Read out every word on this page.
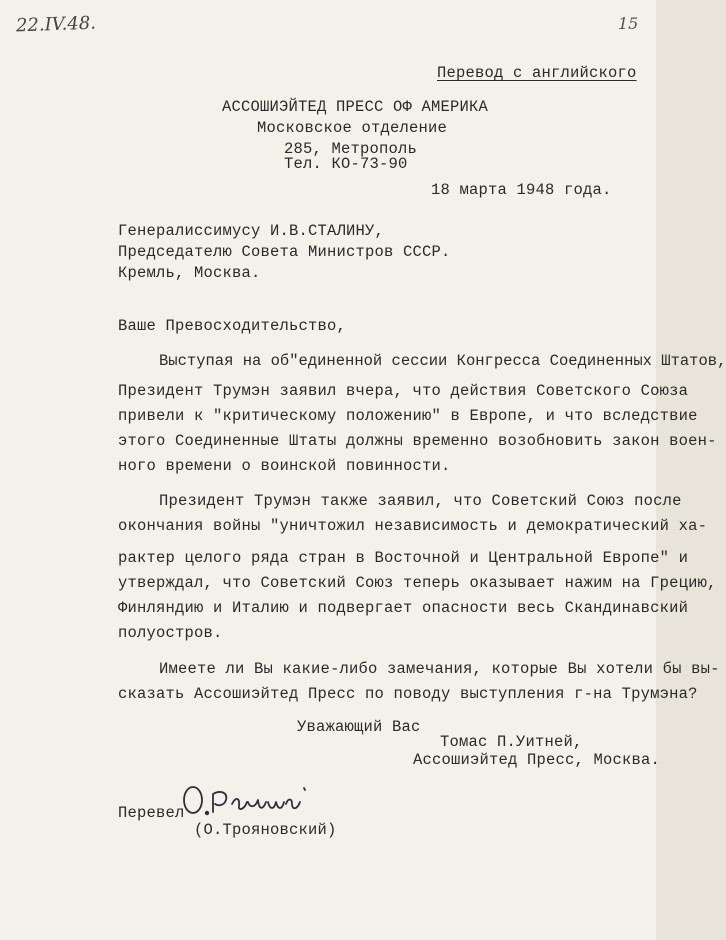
22.IV.48.	15
Перевод с английского
АССОШИЭЙТЕД ПРЕСС ОФ АМЕРИКА
Московское отделение
285, Метрополь
Тел. КО-73-90
18 марта 1948 года.
Генералиссимусу И.В.СТАЛИНУ,
Председателю Совета Министров СССР.
Кремль, Москва.
Ваше Превосходительство,
Выступая на об"единенной сессии Конгресса Соединенных Штатов,
Президент Трумэн заявил вчера, что действия Советского Союза
привели к "критическому положению" в Европе, и что вследствие
этого Соединенные Штаты должны временно возобновить закон воен-
ного времени о воинской повинности.
Президент Трумэн также заявил, что Советский Союз после
окончания войны "уничтожил независимость и демократический ха-
рактер целого ряда стран в Восточной и Центральной Европе" и
утверждал, что Советский Союз теперь оказывает нажим на Грецию,
Финляндию и Италию и подвергает опасности весь Скандинавский
полуостров.
Имеете ли Вы какие-либо замечания, которые Вы хотели бы вы-
сказать Ассошиэйтед Пресс по поводу выступления г-на Трумэна?
Уважающий Вас
Томас П.Уитней,
Ассошиэйтед Пресс, Москва.
Перевел
(О.Трояновский)
